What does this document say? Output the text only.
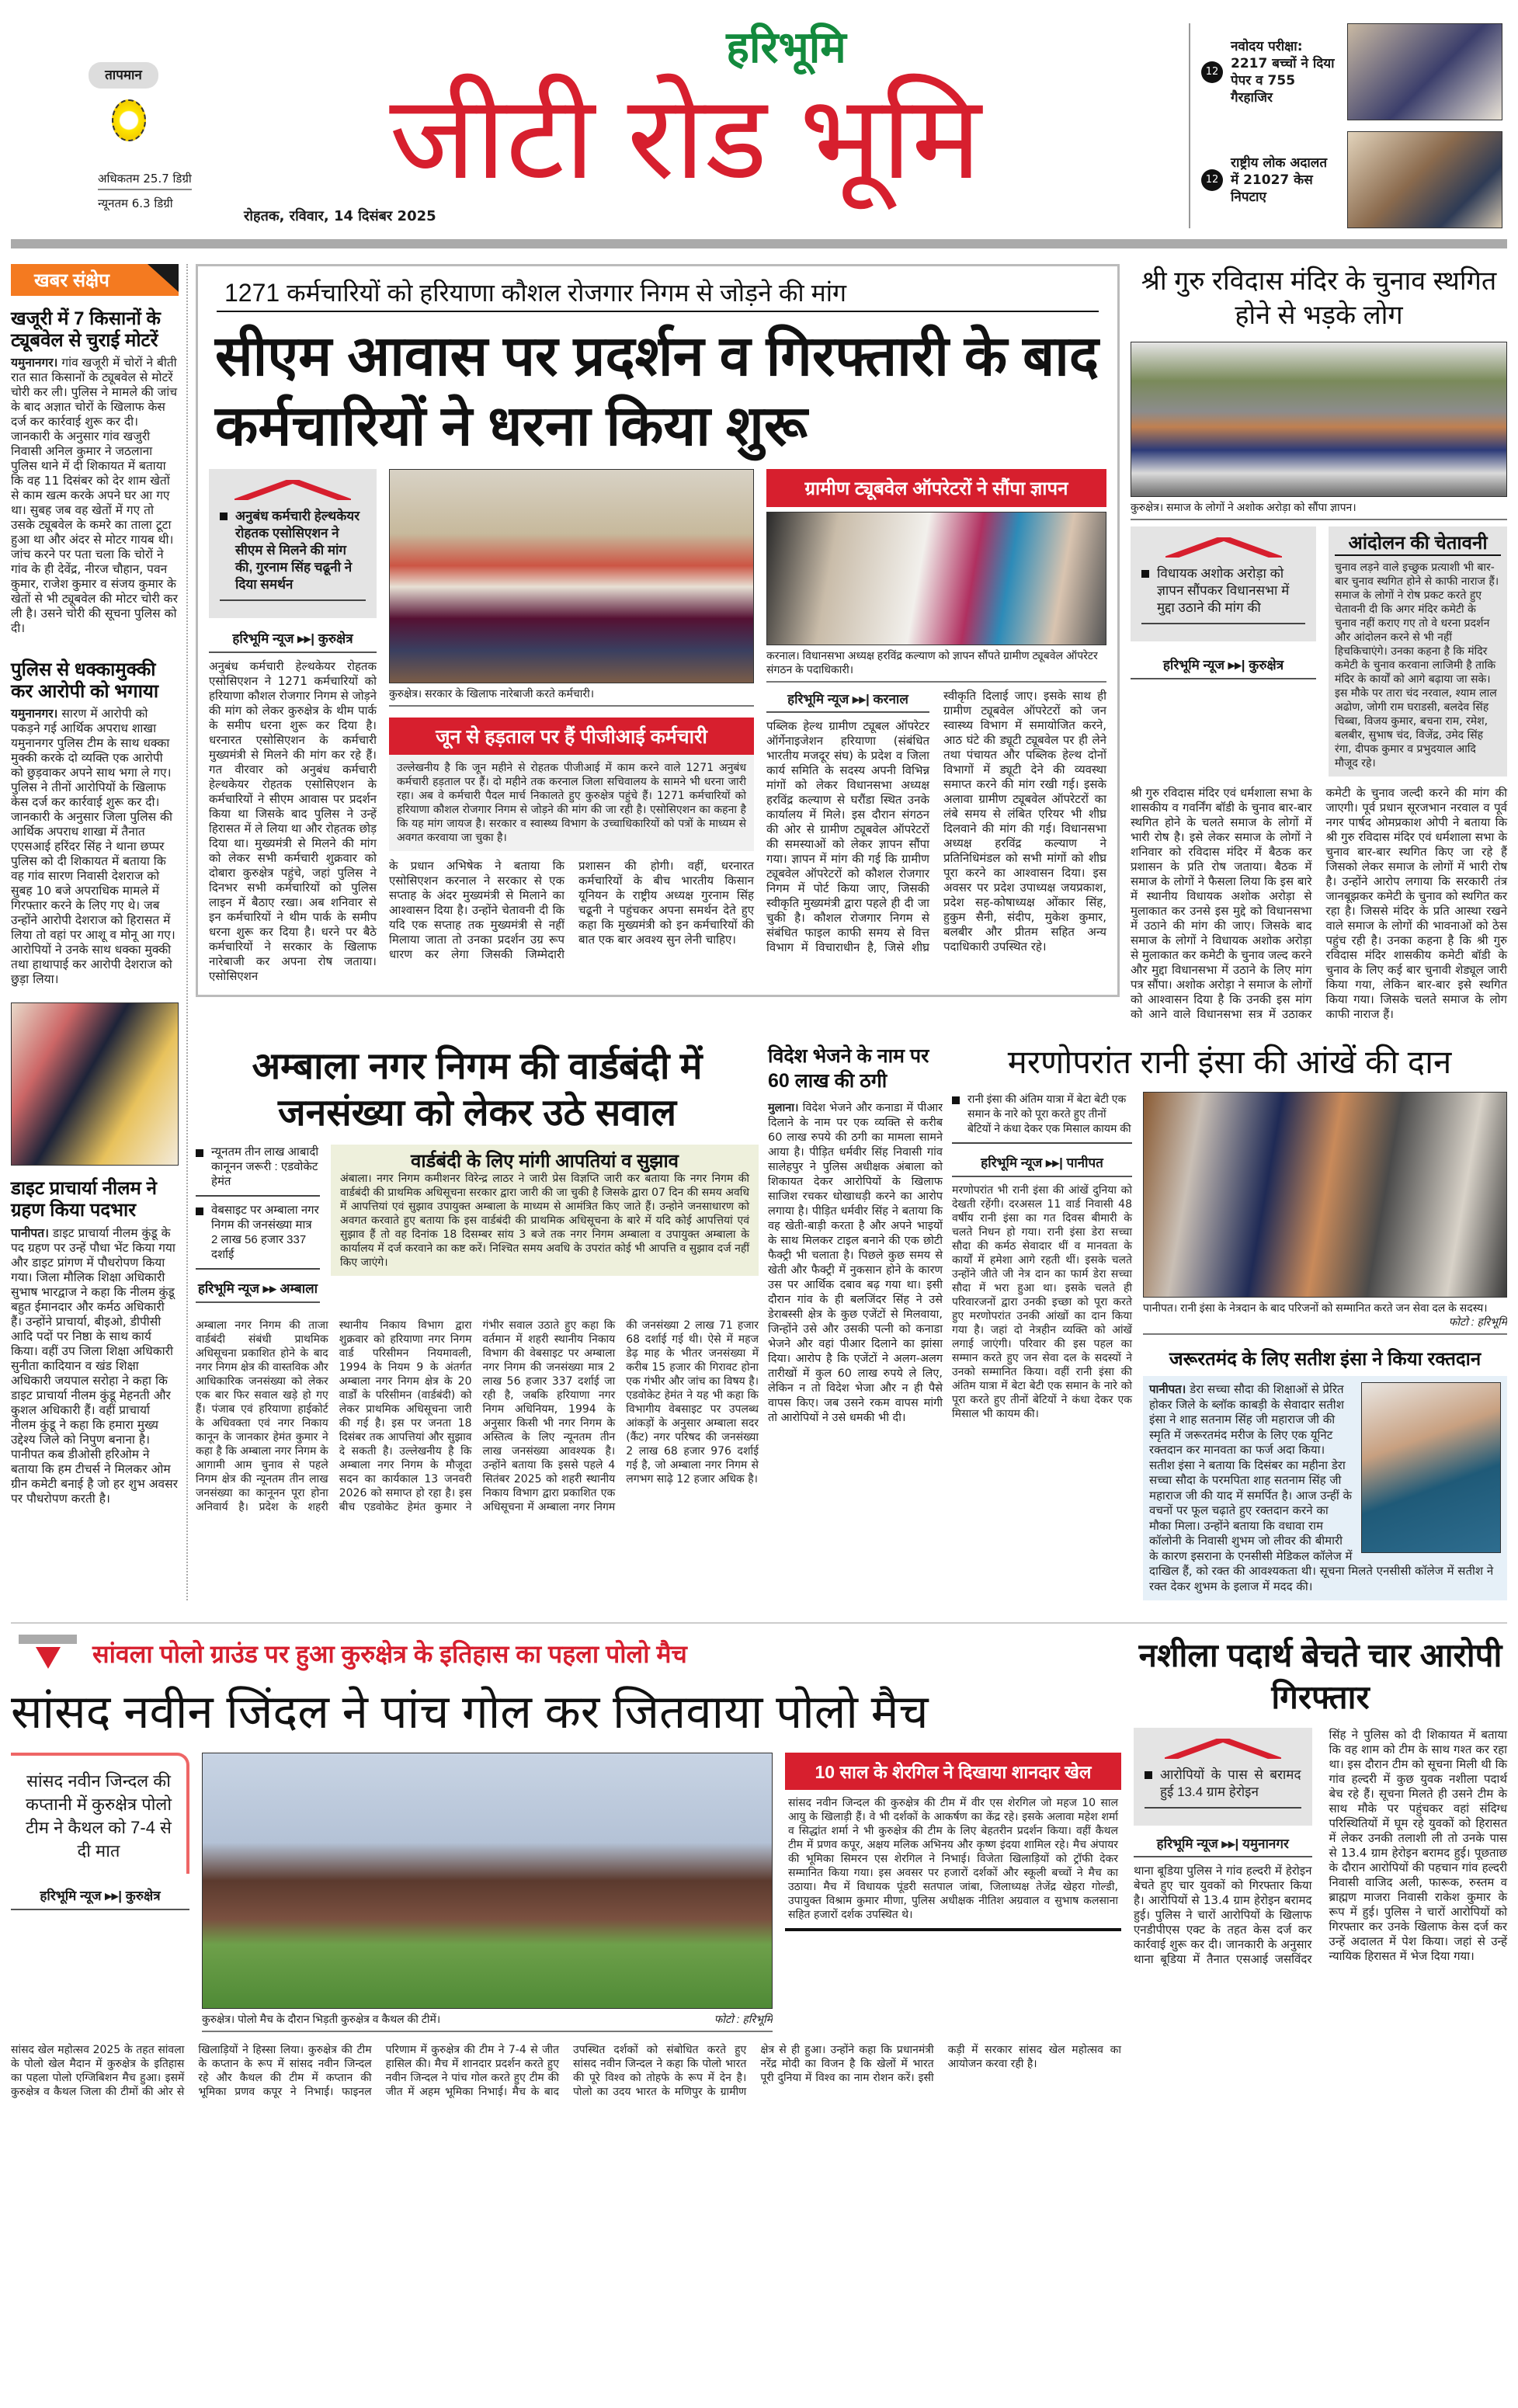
तापमान
अधिकतम 25.7 डिग्री
न्यूनतम 6.3 डिग्री
हरिभूमि
जीटी रोड भूमि
रोहतक, रविवार, 14 दिसंबर 2025
12
नवोदय परीक्षा: 2217 बच्चों ने दिया पेपर व 755 गैरहाजिर
12
राष्ट्रीय लोक अदालत में 21027 केस निपटाए
खबर संक्षेप
खजूरी में 7 किसानों के ट्यूबवेल से चुराई मोटरें
यमुनानगर। गांव खजूरी में चोरों ने बीती रात सात किसानों के ट्यूबवेल से मोटरें चोरी कर ली। पुलिस ने मामले की जांच के बाद अज्ञात चोरों के खिलाफ केस दर्ज कर कार्रवाई शुरू कर दी। जानकारी के अनुसार गांव खजुरी निवासी अनिल कुमार ने जठलाना पुलिस थाने में दी शिकायत में बताया कि वह 11 दिसंबर को देर शाम खेतों से काम खत्म करके अपने घर आ गए था। सुबह जब वह खेतों में गए तो उसके ट्यूबवेल के कमरे का ताला टूटा हुआ था और अंदर से मोटर गायब थी। जांच करने पर पता चला कि चोरों ने गांव के ही देवेंद्र, नीरज चौहान, पवन कुमार, राजेश कुमार व संजय कुमार के खेतों से भी ट्यूबवेल की मोटर चोरी कर ली है। उसने चोरी की सूचना पुलिस को दी।
पुलिस से धक्कामुक्की कर आरोपी को भगाया
यमुनानगर। सारण में आरोपी को पकड़ने गई आर्थिक अपराध शाखा यमुनानगर पुलिस टीम के साथ धक्का मुक्की करके दो व्यक्ति एक आरोपी को छुड़वाकर अपने साथ भगा ले गए। पुलिस ने तीनों आरोपियों के खिलाफ केस दर्ज कर कार्रवाई शुरू कर दी। जानकारी के अनुसार जिला पुलिस की आर्थिक अपराध शाखा में तैनात एएसआई हरिंदर सिंह ने थाना छप्पर पुलिस को दी शिकायत में बताया कि वह गांव सारण निवासी देशराज को सुबह 10 बजे अपराधिक मामले में गिरफ्तार करने के लिए गए थे। जब उन्होंने आरोपी देशराज को हिरासत में लिया तो वहां पर आशू व मोनू आ गए। आरोपियों ने उनके साथ धक्का मुक्की तथा हाथापाई कर आरोपी देशराज को छुड़ा लिया।
डाइट प्राचार्या नीलम ने ग्रहण किया पदभार
पानीपत। डाइट प्राचार्या नीलम कुंडू के पद ग्रहण पर उन्हें पौधा भेंट किया गया और डाइट प्रांगण में पौधरोपण किया गया। जिला मौलिक शिक्षा अधिकारी सुभाष भारद्वाज ने कहा कि नीलम कुंडू बहुत ईमानदार और कर्मठ अधिकारी हैं। उन्होंने प्राचार्या, बीइओ, डीपीसी आदि पदों पर निष्ठा के साथ कार्य किया। वहीं उप जिला शिक्षा अधिकारी सुनीता कादियान व खंड शिक्षा अधिकारी जयपाल सरोहा ने कहा कि डाइट प्राचार्या नीलम कुंडू मेहनती और कुशल अधिकारी हैं। वहीं प्राचार्या नीलम कुंडू ने कहा कि हमारा मुख्य उद्देश्य जिले को निपुण बनाना है। पानीपत कब डीओसी हरिओम ने बताया कि हम टीचर्स ने मिलकर ओम ग्रीन कमेटी बनाई है जो हर शुभ अवसर पर पौधरोपण करती है।
1271 कर्मचारियों को हरियाणा कौशल रोजगार निगम से जोड़ने की मांग
सीएम आवास पर प्रदर्शन व गिरफ्तारी के बाद कर्मचारियों ने धरना किया शुरू
अनुबंध कर्मचारी हेल्थकेयर रोहतक एसोसिएशन ने सीएम से मिलने की मांग की, गुरनाम सिंह चढूनी ने दिया समर्थन
हरिभूमि न्यूज ▸▸| कुरुक्षेत्र
अनुबंध कर्मचारी हेल्थकेयर रोहतक एसोसिएशन ने 1271 कर्मचारियों को हरियाणा कौशल रोजगार निगम से जोड़ने की मांग को लेकर कुरुक्षेत्र के थीम पार्क के समीप धरना शुरू कर दिया है। धरनारत एसोसिएशन के कर्मचारी मुख्यमंत्री से मिलने की मांग कर रहे हैं। गत वीरवार को अनुबंध कर्मचारी हेल्थकेयर रोहतक एसोसिएशन के कर्मचारियों ने सीएम आवास पर प्रदर्शन किया था जिसके बाद पुलिस ने उन्हें हिरासत में ले लिया था और रोहतक छोड़ दिया था। मुख्यमंत्री से मिलने की मांग को लेकर सभी कर्मचारी शुक्रवार को दोबारा कुरुक्षेत्र पहुंचे, जहां पुलिस ने दिनभर सभी कर्मचारियों को पुलिस लाइन में बैठाए रखा। अब शनिवार से इन कर्मचारियों ने थीम पार्क के समीप धरना शुरू कर दिया है। धरने पर बैठे कर्मचारियों ने सरकार के खिलाफ नारेबाजी कर अपना रोष जताया। एसोसिएशन
कुरुक्षेत्र। सरकार के खिलाफ नारेबाजी करते कर्मचारी।
जून से हड़ताल पर हैं पीजीआई कर्मचारी
उल्लेखनीय है कि जून महीने से रोहतक पीजीआई में काम करने वाले 1271 अनुबंध कर्मचारी हड़ताल पर हैं। दो महीने तक करनाल जिला सचिवालय के सामने भी धरना जारी रहा। अब वे कर्मचारी पैदल मार्च निकालते हुए कुरुक्षेत्र पहुंचे हैं। 1271 कर्मचारियों को हरियाणा कौशल रोजगार निगम से जोड़ने की मांग की जा रही है। एसोसिएशन का कहना है कि यह मांग जायज है। सरकार व स्वास्थ्य विभाग के उच्चाधिकारियों को पत्रों के माध्यम से अवगत करवाया जा चुका है।
के प्रधान अभिषेक ने बताया कि एसोसिएशन करनाल ने सरकार से एक सप्ताह के अंदर मुख्यमंत्री से मिलाने का आश्वासन दिया है। उन्होंने चेतावनी दी कि यदि एक सप्ताह तक मुख्यमंत्री से नहीं मिलाया जाता तो उनका प्रदर्शन उग्र रूप धारण कर लेगा जिसकी जिम्मेदारी प्रशासन की होगी। वहीं, धरनारत कर्मचारियों के बीच भारतीय किसान यूनियन के राष्ट्रीय अध्यक्ष गुरनाम सिंह चढूनी ने पहुंचकर अपना समर्थन देते हुए कहा कि मुख्यमंत्री को इन कर्मचारियों की बात एक बार अवश्य सुन लेनी चाहिए।
ग्रामीण ट्यूबवेल ऑपरेटरों ने सौंपा ज्ञापन
करनाल। विधानसभा अध्यक्ष हरविंद्र कल्याण को ज्ञापन सौंपते ग्रामीण ट्यूबवेल ऑपरेटर संगठन के पदाधिकारी।
हरिभूमि न्यूज ▸▸| करनाल
पब्लिक हेल्थ ग्रामीण ट्यूबल ऑपरेटर ऑर्गेनाइजेशन हरियाणा (संबंधित भारतीय मजदूर संघ) के प्रदेश व जिला कार्य समिति के सदस्य अपनी विभिन्न मांगों को लेकर विधानसभा अध्यक्ष हरविंद्र कल्याण से घरौंडा स्थित उनके कार्यालय में मिले। इस दौरान संगठन की ओर से ग्रामीण ट्यूबवेल ऑपरेटरों की समस्याओं को लेकर ज्ञापन सौंपा गया। ज्ञापन में मांग की गई कि ग्रामीण ट्यूबवेल ऑपरेटरों को कौशल रोजगार निगम में पोर्ट किया जाए, जिसकी स्वीकृति मुख्यमंत्री द्वारा पहले ही दी जा चुकी है। कौशल रोजगार निगम से संबंधित फाइल काफी समय से वित्त विभाग में विचाराधीन है, जिसे शीघ्र स्वीकृति दिलाई जाए। इसके साथ ही ग्रामीण ट्यूबवेल ऑपरेटरों को जन स्वास्थ्य विभाग में समायोजित करने, आठ घंटे की ड्यूटी ट्यूबवेल पर ही लेने तथा पंचायत और पब्लिक हेल्थ दोनों विभागों में ड्यूटी देने की व्यवस्था समाप्त करने की मांग रखी गई। इसके अलावा ग्रामीण ट्यूबवेल ऑपरेटरों का लंबे समय से लंबित एरियर भी शीघ्र दिलवाने की मांग की गई। विधानसभा अध्यक्ष हरविंद्र कल्याण ने प्रतिनिधिमंडल को सभी मांगों को शीघ्र पूरा करने का आश्वासन दिया। इस अवसर पर प्रदेश उपाध्यक्ष जयप्रकाश, प्रदेश सह-कोषाध्यक्ष ओंकार सिंह, हुकुम सैनी, संदीप, मुकेश कुमार, बलबीर और प्रीतम सहित अन्य पदाधिकारी उपस्थित रहे।
श्री गुरु रविदास मंदिर के चुनाव स्थगित होने से भड़के लोग
कुरुक्षेत्र। समाज के लोगों ने अशोक अरोड़ा को सौंपा ज्ञापन।
विधायक अशोक अरोड़ा को ज्ञापन सौंपकर विधानसभा में मुद्दा उठाने की मांग की
हरिभूमि न्यूज ▸▸| कुरुक्षेत्र
आंदोलन की चेतावनी
चुनाव लड़ने वाले इच्छुक प्रत्याशी भी बार-बार चुनाव स्थगित होने से काफी नाराज हैं। समाज के लोगों ने रोष प्रकट करते हुए चेतावनी दी कि अगर मंदिर कमेटी के चुनाव नहीं कराए गए तो वे धरना प्रदर्शन और आंदोलन करने से भी नहीं हिचकिचाएंगे। उनका कहना है कि मंदिर कमेटी के चुनाव करवाना लाजिमी है ताकि मंदिर के कार्यों को आगे बढ़ाया जा सके। इस मौके पर तारा चंद नरवाल, श्याम लाल अढोण, जोगी राम घराडसी, बलदेव सिंह चिब्बा, विजय कुमार, बचना राम, रमेश, बलबीर, सुभाष चंद, विजेंद्र, उमेद सिंह रंगा, दीपक कुमार व प्रभुदयाल आदि मौजूद रहे।
श्री गुरु रविदास मंदिर एवं धर्मशाला सभा के शासकीय व गवर्निंग बॉडी के चुनाव बार-बार स्थगित होने के चलते समाज के लोगों में भारी रोष है। इसे लेकर समाज के लोगों ने शनिवार को रविदास मंदिर में बैठक कर प्रशासन के प्रति रोष जताया। बैठक में समाज के लोगों ने फैसला लिया कि इस बारे में स्थानीय विधायक अशोक अरोड़ा से मुलाकात कर उनसे इस मुद्दे को विधानसभा में उठाने की मांग की जाए। जिसके बाद समाज के लोगों ने विधायक अशोक अरोड़ा से मुलाकात कर कमेटी के चुनाव जल्द करने और मुद्दा विधानसभा में उठाने के लिए मांग पत्र सौंपा। अशोक अरोड़ा ने समाज के लोगों को आश्वासन दिया है कि उनकी इस मांग को आने वाले विधानसभा सत्र में उठाकर कमेटी के चुनाव जल्दी करने की मांग की जाएगी। पूर्व प्रधान सूरजभान नरवाल व पूर्व नगर पार्षद ओमप्रकाश ओपी ने बताया कि श्री गुरु रविदास मंदिर एवं धर्मशाला सभा के चुनाव बार-बार स्थगित किए जा रहे हैं जिसको लेकर समाज के लोगों में भारी रोष है। उन्होंने आरोप लगाया कि सरकारी तंत्र जानबूझकर कमेटी के चुनाव को स्थगित कर रहा है। जिससे मंदिर के प्रति आस्था रखने वाले समाज के लोगों की भावनाओं को ठेस पहुंच रही है। उनका कहना है कि श्री गुरु रविदास मंदिर शासकीय कमेटी बॉडी के चुनाव के लिए कई बार चुनावी शेड्यूल जारी किया गया, लेकिन बार-बार इसे स्थगित किया गया। जिसके चलते समाज के लोग काफी नाराज हैं।
अम्बाला नगर निगम की वार्डबंदी में जनसंख्या को लेकर उठे सवाल
न्यूनतम तीन लाख आबादी कानूनन जरूरी : एडवोकेट हेमंत
वेबसाइट पर अम्बाला नगर निगम की जनसंख्या मात्र 2 लाख 56 हजार 337 दर्शाई
हरिभूमि न्यूज ▸▸ अम्बाला
वार्डबंदी के लिए मांगी आपतियां व सुझाव
अंबाला। नगर निगम कमीशनर विरेन्द्र लाठर ने जारी प्रेस विज्ञप्ति जारी कर बताया कि नगर निगम की वार्डबंदी की प्राथमिक अधिसूचना सरकार द्वारा जारी की जा चुकी है जिसके द्वारा 07 दिन की समय अवधि में आपत्तियां एवं सुझाव उपायुक्त अम्बाला के माध्यम से आमंत्रित किए जाते हैं। उन्होने जनसाधारण को अवगत करवाते हुए बताया कि इस वार्डबंदी की प्राथमिक अधिसूचना के बारे में यदि कोई आपत्तियां एवं सुझाव हैं तो वह दिनांक 18 दिसम्बर सांय 3 बजे तक नगर निगम अम्बाला व उपायुक्त अम्बाला के कार्यालय में दर्ज करवाने का कष्ट करें। निश्चित समय अवधि के उपरांत कोई भी आपत्ति व सुझाव दर्ज नहीं किए जाएंगे।
अम्बाला नगर निगम की ताजा वार्डबंदी संबंधी प्राथमिक अधिसूचना प्रकाशित होने के बाद नगर निगम क्षेत्र की वास्तविक और आधिकारिक जनसंख्या को लेकर एक बार फिर सवाल खड़े हो गए हैं। पंजाब एवं हरियाणा हाईकोर्ट के अधिवक्ता एवं नगर निकाय कानून के जानकार हेमंत कुमार ने कहा है कि अम्बाला नगर निगम के आगामी आम चुनाव से पहले निगम क्षेत्र की न्यूनतम तीन लाख जनसंख्या का कानूनन पूरा होना अनिवार्य है। प्रदेश के शहरी स्थानीय निकाय विभाग द्वारा शुक्रवार को हरियाणा नगर निगम वार्ड परिसीमन नियमावली, 1994 के नियम 9 के अंतर्गत अम्बाला नगर निगम क्षेत्र के 20 वार्डों के परिसीमन (वार्डबंदी) को लेकर प्राथमिक अधिसूचना जारी की गई है। इस पर जनता 18 दिसंबर तक आपत्तियां और सुझाव दे सकती है। उल्लेखनीय है कि अम्बाला नगर निगम के मौजूदा सदन का कार्यकाल 13 जनवरी 2026 को समाप्त हो रहा है। इस बीच एडवोकेट हेमंत कुमार ने गंभीर सवाल उठाते हुए कहा कि वर्तमान में शहरी स्थानीय निकाय विभाग की वेबसाइट पर अम्बाला नगर निगम की जनसंख्या मात्र 2 लाख 56 हजार 337 दर्शाई जा रही है, जबकि हरियाणा नगर निगम अधिनियम, 1994 के अनुसार किसी भी नगर निगम के अस्तित्व के लिए न्यूनतम तीन लाख जनसंख्या आवश्यक है। उन्होंने बताया कि इससे पहले 4 सितंबर 2025 को शहरी स्थानीय निकाय विभाग द्वारा प्रकाशित एक अधिसूचना में अम्बाला नगर निगम की जनसंख्या 2 लाख 71 हजार 68 दर्शाई गई थी। ऐसे में महज डेढ़ माह के भीतर जनसंख्या में करीब 15 हजार की गिरावट होना एक गंभीर और जांच का विषय है। एडवोकेट हेमंत ने यह भी कहा कि विभागीय वेबसाइट पर उपलब्ध आंकड़ों के अनुसार अम्बाला सदर (कैंट) नगर परिषद की जनसंख्या 2 लाख 68 हजार 976 दर्शाई गई है, जो अम्बाला नगर निगम से लगभग साढ़े 12 हजार अधिक है।
विदेश भेजने के नाम पर 60 लाख की ठगी
मुलाना। विदेश भेजने और कनाडा में पीआर दिलाने के नाम पर एक व्यक्ति से करीब 60 लाख रुपये की ठगी का मामला सामने आया है। पीड़ित धर्मवीर सिंह निवासी गांव सालेहपुर ने पुलिस अधीक्षक अंबाला को शिकायत देकर आरोपियों के खिलाफ साजिश रचकर धोखाधड़ी करने का आरोप लगाया है। पीड़ित धर्मवीर सिंह ने बताया कि वह खेती-बाड़ी करता है और अपने भाइयों के साथ मिलकर टाइल बनाने की एक छोटी फैक्ट्री भी चलाता है। पिछले कुछ समय से खेती और फैक्ट्री में नुकसान होने के कारण उस पर आर्थिक दबाव बढ़ गया था। इसी दौरान गांव के ही बलजिंदर सिंह ने उसे डेराबस्सी क्षेत्र के कुछ एजेंटों से मिलवाया, जिन्होंने उसे और उसकी पत्नी को कनाडा भेजने और वहां पीआर दिलाने का झांसा दिया। आरोप है कि एजेंटों ने अलग-अलग तारीखों में कुल 60 लाख रुपये ले लिए, लेकिन न तो विदेश भेजा और न ही पैसे वापस किए। जब उसने रकम वापस मांगी तो आरोपियों ने उसे धमकी भी दी।
मरणोपरांत रानी इंसा की आंखें की दान
रानी इंसा की अंतिम यात्रा में बेटा बेटी एक समान के नारे को पूरा करते हुए तीनों बेटियों ने कंधा देकर एक मिसाल कायम की
हरिभूमि न्यूज ▸▸| पानीपत
मरणोपरांत भी रानी इंसा की आंखें दुनिया को देखती रहेंगी। दरअसल 11 वार्ड निवासी 48 वर्षीय रानी इंसा का गत दिवस बीमारी के चलते निधन हो गया। रानी इंसा डेरा सच्चा सौदा की कर्मठ सेवादार थीं व मानवता के कार्यों में हमेशा आगे रहती थीं। इसके चलते उन्होंने जीते जी नेत्र दान का फार्म डेरा सच्चा सौदा में भरा हुआ था। इसके चलते ही परिवारजनों द्वारा उनकी इच्छा को पूरा करते हुए मरणोपरांत उनकी आंखों का दान किया गया है। जहां दो नेत्रहीन व्यक्ति को आंखें लगाई जाएंगी। परिवार की इस पहल का सम्मान करते हुए जन सेवा दल के सदस्यों ने उनको सम्मानित किया। वहीं रानी इंसा की अंतिम यात्रा में बेटा बेटी एक समान के नारे को पूरा करते हुए तीनों बेटियों ने कंधा देकर एक मिसाल भी कायम की।
पानीपत। रानी इंसा के नेत्रदान के बाद परिजनों को सम्मानित करते जन सेवा दल के सदस्य।
फोटो : हरिभूमि
जरूरतमंद के लिए सतीश इंसा ने किया रक्तदान
पानीपत। डेरा सच्चा सौदा की शिक्षाओं से प्रेरित होकर जिले के ब्लॉक काबड़ी के सेवादार सतीश इंसा ने शाह सतनाम सिंह जी महाराज जी की स्मृति में जरूरतमंद मरीज के लिए एक यूनिट रक्तदान कर मानवता का फर्ज अदा किया। सतीश इंसा ने बताया कि दिसंबर का महीना डेरा सच्चा सौदा के परमपिता शाह सतनाम सिंह जी महाराज जी की याद में समर्पित है। आज उन्हीं के वचनों पर फूल चढ़ाते हुए रक्तदान करने का मौका मिला। उन्होंने बताया कि वधावा राम कॉलोनी के निवासी शुभम जो लीवर की बीमारी के कारण इसराना के एनसीसी मेडिकल कॉलेज में दाखिल हैं, को रक्त की आवश्यकता थी। सूचना मिलते एनसीसी कॉलेज में सतीश ने रक्त देकर शुभम के इलाज में मदद की।
सांवला पोलो ग्राउंड पर हुआ कुरुक्षेत्र के इतिहास का पहला पोलो मैच
सांसद नवीन जिंदल ने पांच गोल कर जितवाया पोलो मैच
सांसद नवीन जिन्दल की कप्तानी में कुरुक्षेत्र पोलो टीम ने कैथल को 7-4 से दी मात
हरिभूमि न्यूज ▸▸| कुरुक्षेत्र
कुरुक्षेत्र। पोलो मैच के दौरान भिड़ती कुरुक्षेत्र व कैथल की टीमें।	फोटो : हरिभूमि
10 साल के शेरगिल ने दिखाया शानदार खेल
सांसद नवीन जिन्दल की कुरुक्षेत्र की टीम में वीर एस शेरगिल जो महज 10 साल आयु के खिलाड़ी हैं। वे भी दर्शकों के आकर्षण का केंद्र रहे। इसके अलावा महेश शर्मा व सिद्धांत शर्मा ने भी कुरुक्षेत्र की टीम के लिए बेहतरीन प्रदर्शन किया। वहीं कैथल टीम में प्रणव कपूर, अक्षय मलिक अभिनय और कृष्ण इंदया शामिल रहे। मैच अंपायर की भूमिका सिमरन एस शेरगिल ने निभाई। विजेता खिलाड़ियों को ट्रॉफी देकर सम्मानित किया गया। इस अवसर पर हजारों दर्शकों और स्कूली बच्चों ने मैच का उठाया। मैच में विधायक पूंडरी सतपाल जांबा, जिलाध्यक्ष तेजेंद्र खेहरा गोल्डी, उपायुक्त विश्राम कुमार मीणा, पुलिस अधीक्षक नीतिश अग्रवाल व सुभाष कलसाना सहित हजारों दर्शक उपस्थित थे।
सांसद खेल महोत्सव 2025 के तहत सांवला के पोलो खेल मैदान में कुरुक्षेत्र के इतिहास का पहला पोलो एग्जिबिशन मैच हुआ। इसमें कुरुक्षेत्र व कैथल जिला की टीमों की ओर से खिलाड़ियों ने हिस्सा लिया। कुरुक्षेत्र की टीम के कप्तान के रूप में सांसद नवीन जिन्दल रहे और कैथल की टीम में कप्तान की भूमिका प्रणव कपूर ने निभाई। फाइनल परिणाम में कुरुक्षेत्र की टीम ने 7-4 से जीत हासिल की। मैच में शानदार प्रदर्शन करते हुए नवीन जिन्दल ने पांच गोल करते हुए टीम की जीत में अहम भूमिका निभाई। मैच के बाद उपस्थित दर्शकों को संबोधित करते हुए सांसद नवीन जिन्दल ने कहा कि पोलो भारत की पूरे विश्व को तोहफे के रूप में देन है। पोलो का उदय भारत के मणिपुर के ग्रामीण क्षेत्र से ही हुआ। उन्होंने कहा कि प्रधानमंत्री नरेंद्र मोदी का विजन है कि खेलों में भारत पूरी दुनिया में विश्व का नाम रोशन करें। इसी कड़ी में सरकार सांसद खेल महोत्सव का आयोजन करवा रही है।
नशीला पदार्थ बेचते चार आरोपी गिरफ्तार
आरोपियों के पास से बरामद हुई 13.4 ग्राम हेरोइन
हरिभूमि न्यूज ▸▸| यमुनानगर
थाना बूडिया पुलिस ने गांव हल्दरी में हेरोइन बेचते हुए चार युवकों को गिरफ्तार किया है। आरोपियों से 13.4 ग्राम हेरोइन बरामद हुई। पुलिस ने चारों आरोपियों के खिलाफ एनडीपीएस एक्ट के तहत केस दर्ज कर कार्रवाई शुरू कर दी। जानकारी के अनुसार थाना बूडिया में तैनात एसआई जसविंदर सिंह ने पुलिस को दी शिकायत में बताया कि वह शाम को टीम के साथ गश्त कर रहा था। इस दौरान टीम को सूचना मिली थी कि गांव हल्दरी में कुछ युवक नशीला पदार्थ बेच रहे हैं। सूचना मिलते ही उसने टीम के साथ मौके पर पहुंचकर वहां संदिग्ध परिस्थितियों में घूम रहे युवकों को हिरासत में लेकर उनकी तलाशी ली तो उनके पास से 13.4 ग्राम हेरोइन बरामद हुई। पूछताछ के दौरान आरोपियों की पहचान गांव हल्दरी निवासी वाजिद अली, फारूक, रुस्तम व ब्राह्मण माजरा निवासी राकेश कुमार के रूप में हुई। पुलिस ने चारों आरोपियों को गिरफ्तार कर उनके खिलाफ केस दर्ज कर उन्हें अदालत में पेश किया। जहां से उन्हें न्यायिक हिरासत में भेज दिया गया।
